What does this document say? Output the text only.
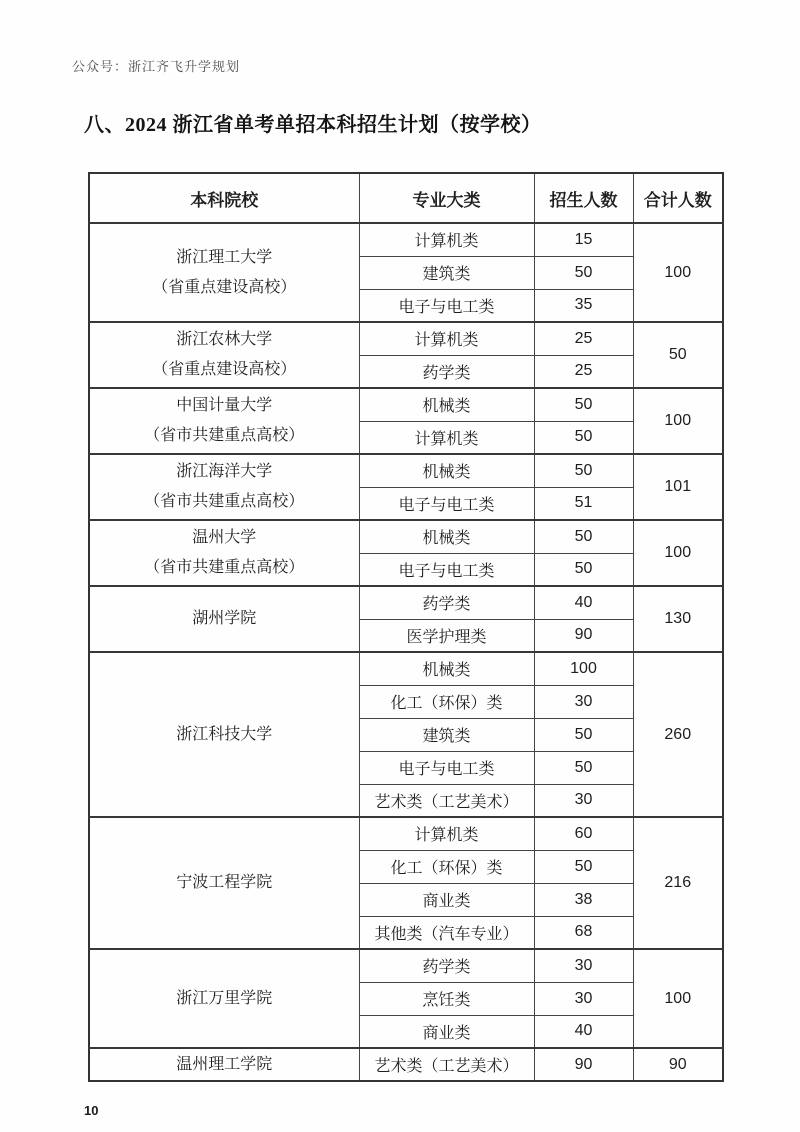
公众号：浙江齐飞升学规划
八、2024 浙江省单考单招本科招生计划（按学校）
本科院校	专业大类	招生人数	合计人数

浙江理工大学
（省重点建设高校）	计算机类	15	100
	建筑类	50	
	电子与电工类	35	

浙江农林大学
（省重点建设高校）	计算机类	25	50
	药学类	25	

中国计量大学
（省市共建重点高校）	机械类	50	100
	计算机类	50	

浙江海洋大学
（省市共建重点高校）	机械类	50	101
	电子与电工类	51	

温州大学
（省市共建重点高校）	机械类	50	100
	电子与电工类	50	

湖州学院	药学类	40	130
	医学护理类	90	

浙江科技大学	机械类	100	260
	化工（环保）类	30	
	建筑类	50	
	电子与电工类	50	
	艺术类（工艺美术）	30	

宁波工程学院	计算机类	60	216
	化工（环保）类	50	
	商业类	38	
	其他类（汽车专业）	68	

浙江万里学院	药学类	30	100
	烹饪类	30	
	商业类	40	

温州理工学院	艺术类（工艺美术）	90	90
10
